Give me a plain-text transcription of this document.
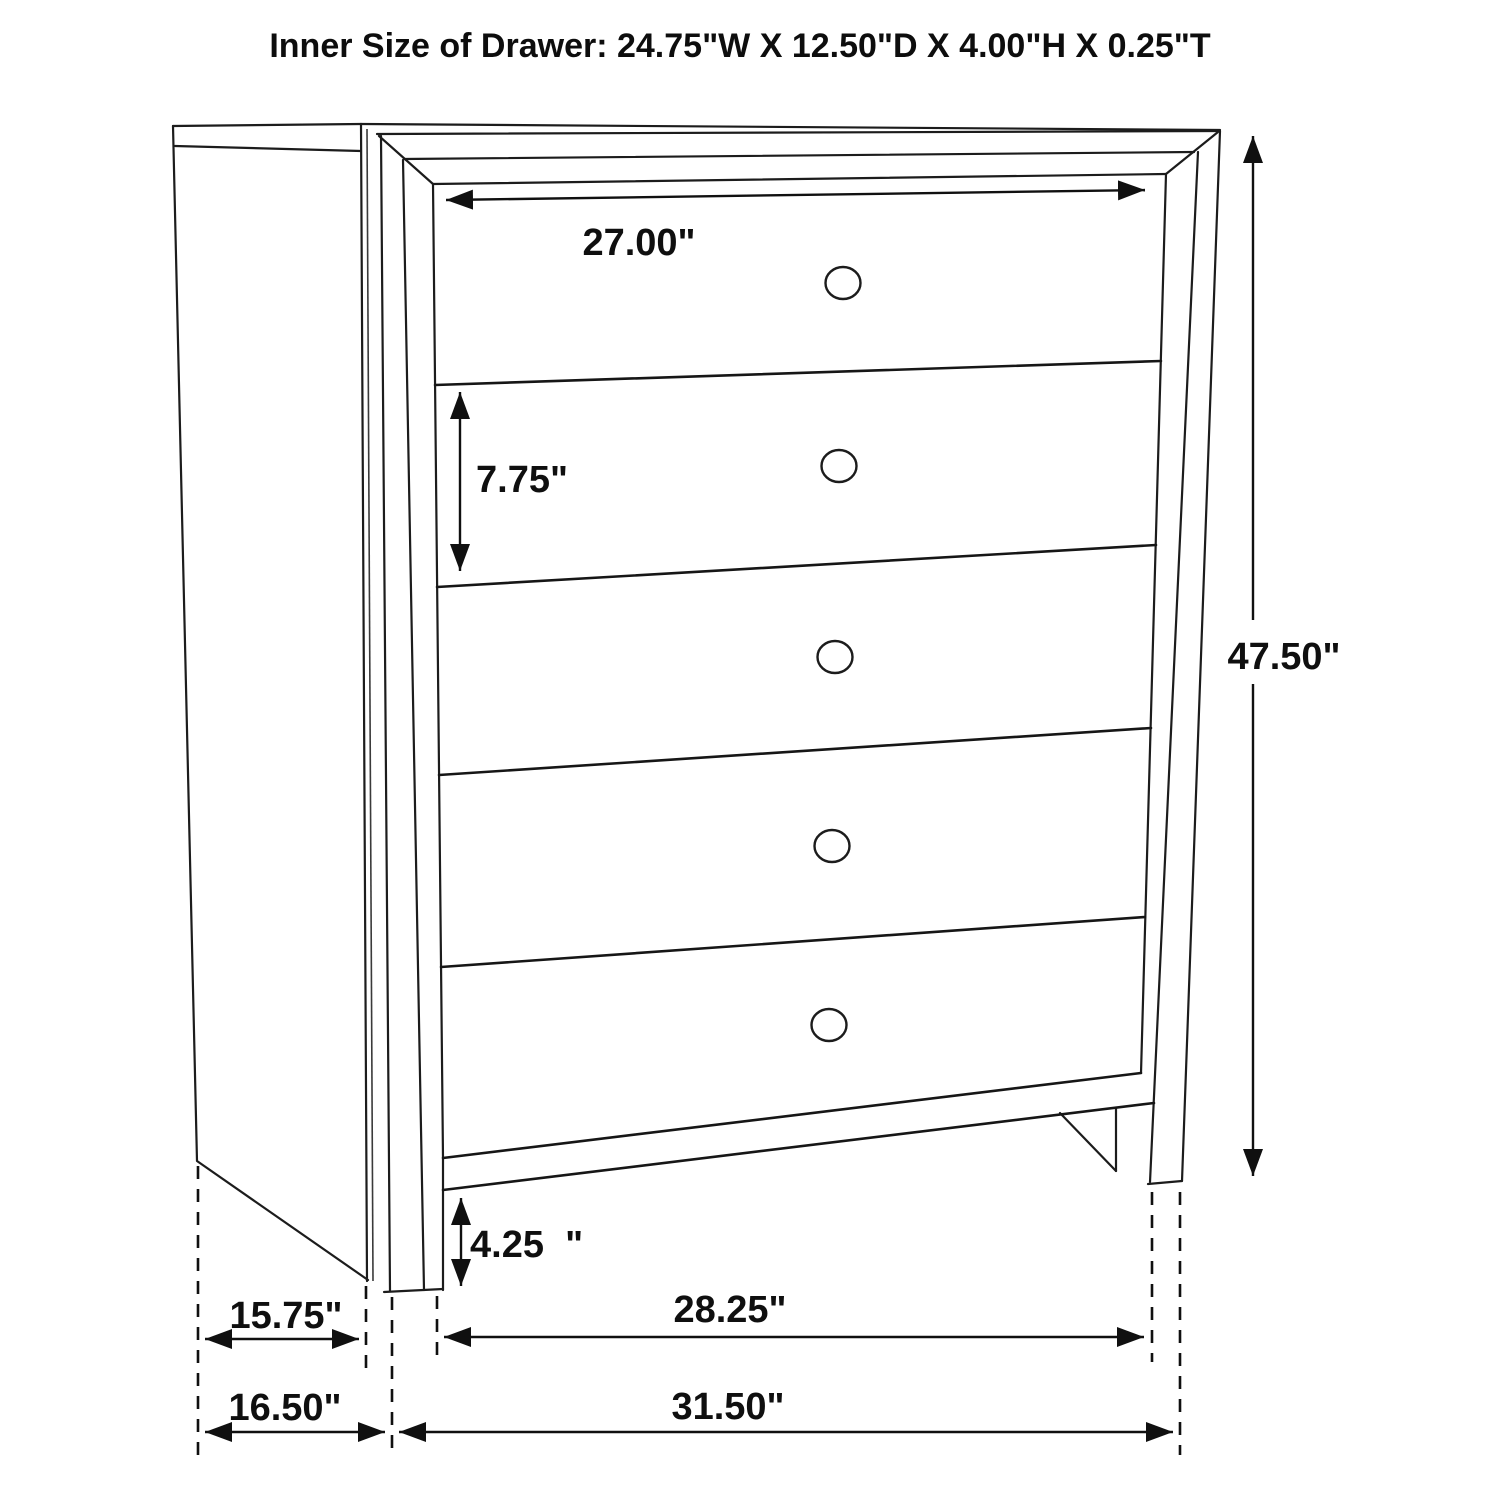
Inner Size of Drawer: 24.75"W X 12.50"D X 4.00"H X 0.25"T
27.00"
7.75"
47.50"
4.25  "
15.75"
16.50"
28.25"
31.50"
